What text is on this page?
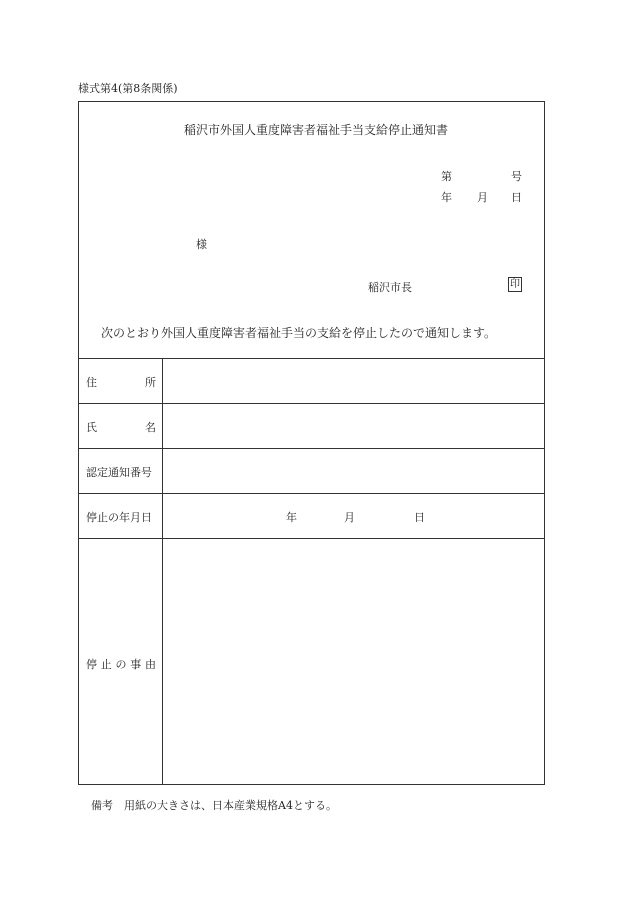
様式第4(第8条関係)
稲沢市外国人重度障害者福祉手当支給停止通知書
第	号
年 月 日
様
稲沢市長	印
次のとおり外国人重度障害者福祉手当の支給を停止したので通知します。
住	所
氏	名
認定通知番号
停止の年月日	年	月	日
停 止 の 事 由
備考　用紙の大きさは、日本産業規格A4とする。
